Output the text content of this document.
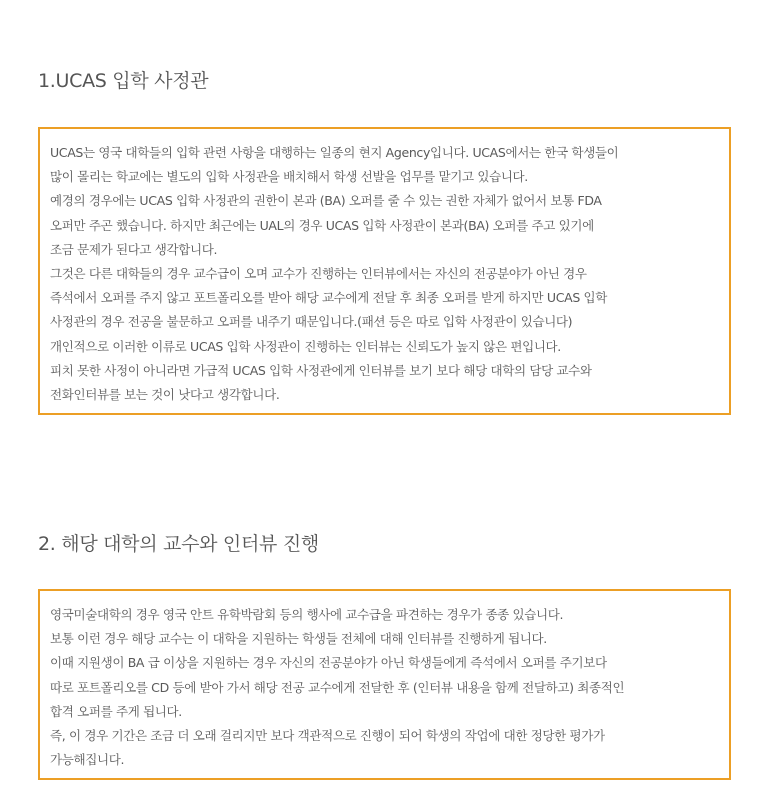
1.UCAS 입학 사정관
UCAS는 영국 대학들의 입학 관련 사항을 대행하는 일종의 현지 Agency입니다. UCAS에서는 한국 학생들이
많이 몰리는 학교에는 별도의 입학 사정관을 배치해서 학생 선발을 업무를 맡기고 있습니다.
예경의 경우에는 UCAS 입학 사정관의 권한이 본과 (BA) 오퍼를 줄 수 있는 권한 자체가 없어서 보통 FDA
오퍼만 주곤 했습니다. 하지만 최근에는 UAL의 경우 UCAS 입학 사정관이 본과(BA) 오퍼를 주고 있기에
조금 문제가 된다고 생각합니다.
그것은 다른 대학들의 경우 교수급이 오며 교수가 진행하는 인터뷰에서는 자신의 전공분야가 아닌 경우
즉석에서 오퍼를 주지 않고 포트폴리오를 받아 해당 교수에게 전달 후 최종 오퍼를 받게 하지만 UCAS 입학
사정관의 경우 전공을 불문하고 오퍼를 내주기 때문입니다.(패션 등은 따로 입학 사정관이 있습니다)
개인적으로 이러한 이류로 UCAS 입학 사정관이 진행하는 인터뷰는 신뢰도가 높지 않은 편입니다.
피치 못한 사정이 아니라면 가급적 UCAS 입학 사정관에게 인터뷰를 보기 보다 해당 대학의 담당 교수와
전화인터뷰를 보는 것이 낫다고 생각합니다.
2. 해당 대학의 교수와 인터뷰 진행
영국미술대학의 경우 영국 안트 유학박람회 등의 행사에 교수급을 파견하는 경우가 종종 있습니다.
보통 이런 경우 해당 교수는 이 대학을 지원하는 학생들 전체에 대해 인터뷰를 진행하게 됩니다.
이때 지원생이 BA 급 이상을 지원하는 경우 자신의 전공분야가 아닌 학생들에게 즉석에서 오퍼를 주기보다
따로 포트폴리오를 CD 등에 받아 가서 해당 전공 교수에게 전달한 후 (인터뷰 내용을 함께 전달하고) 최종적인
합격 오퍼를 주게 됩니다.
즉, 이 경우 기간은 조금 더 오래 걸리지만 보다 객관적으로 진행이 되어 학생의 작업에 대한 정당한 평가가
가능해집니다.
